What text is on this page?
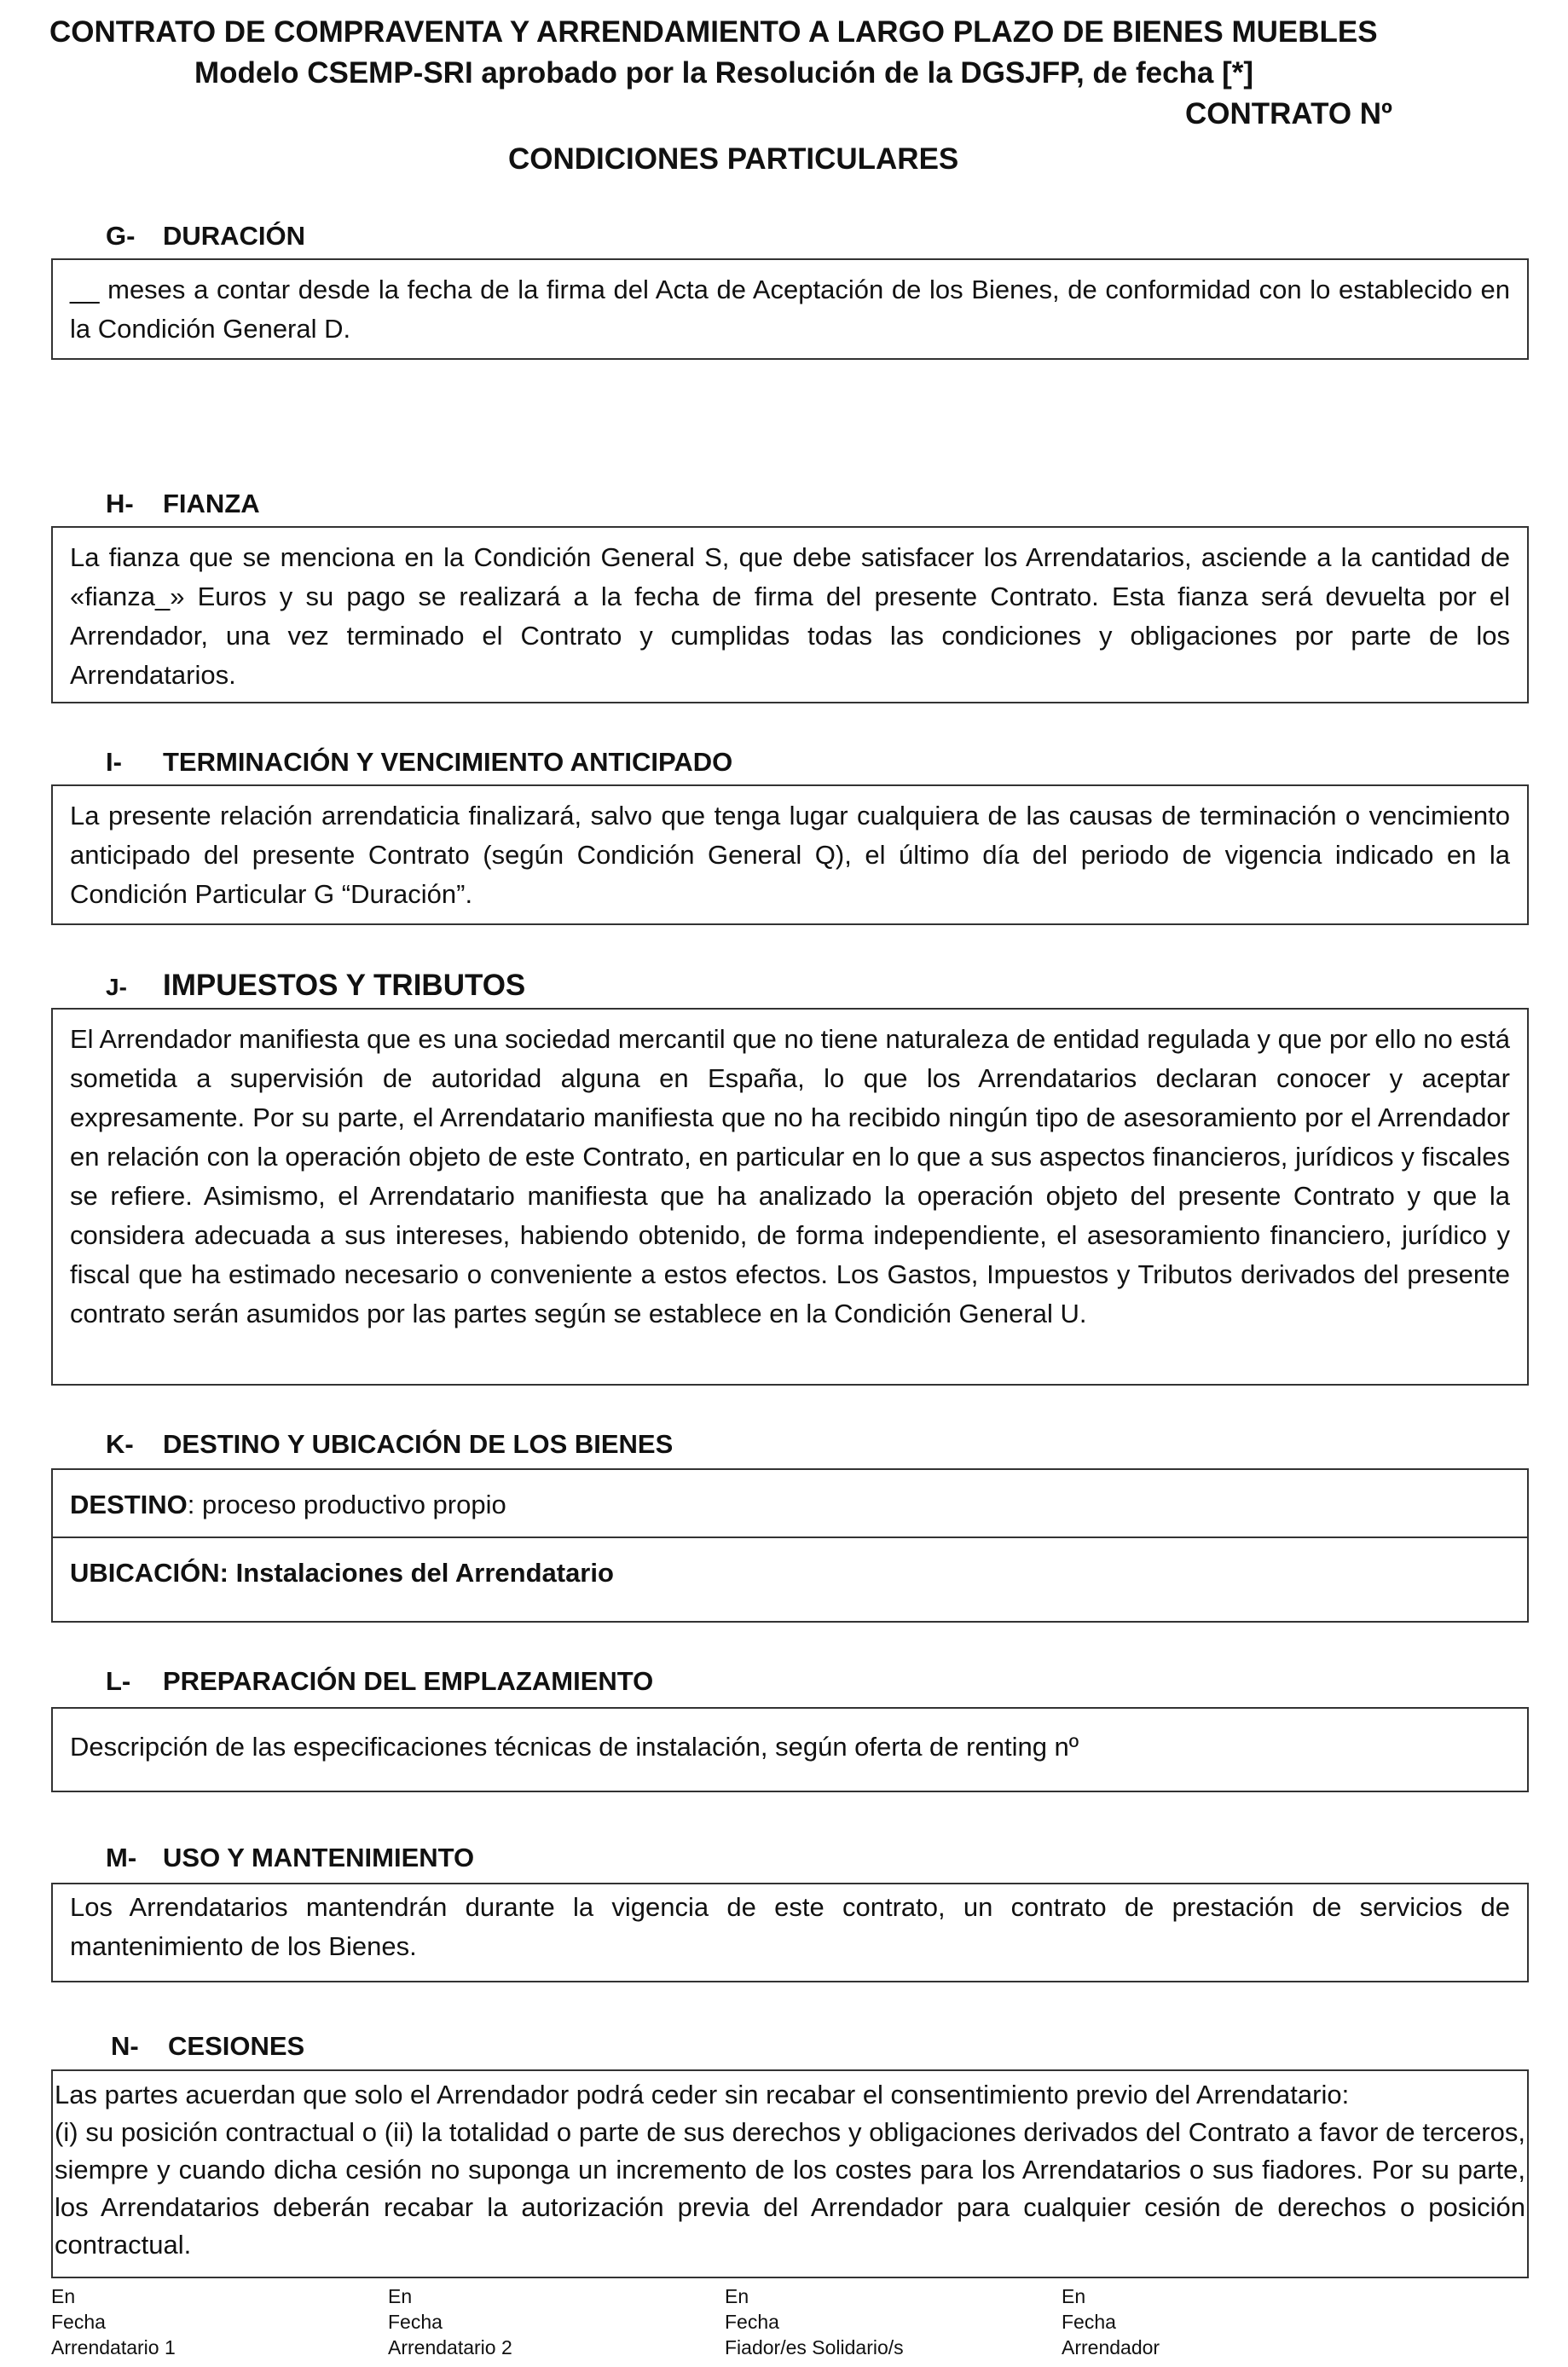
CONTRATO DE COMPRAVENTA Y ARRENDAMIENTO A LARGO PLAZO DE BIENES MUEBLES
Modelo CSEMP-SRI aprobado por la Resolución de la DGSJFP, de fecha [*]
CONTRATO Nº
CONDICIONES PARTICULARES
G- DURACIÓN

__ meses a contar desde la fecha de la firma del Acta de Aceptación de los Bienes, de conformidad con lo establecido en la Condición General D.

H- FIANZA

La fianza que se menciona en la Condición General S, que debe satisfacer los Arrendatarios, asciende a la cantidad de «fianza_» Euros y su pago se realizará a la fecha de firma del presente Contrato. Esta fianza será devuelta por el Arrendador, una vez terminado el Contrato y cumplidas todas las condiciones y obligaciones por parte de los Arrendatarios.

I- TERMINACIÓN Y VENCIMIENTO ANTICIPADO

La presente relación arrendaticia finalizará, salvo que tenga lugar cualquiera de las causas de terminación o vencimiento anticipado del presente Contrato (según Condición General Q), el último día del periodo de vigencia indicado en la Condición Particular G “Duración”.

J- IMPUESTOS Y TRIBUTOS

El Arrendador manifiesta que es una sociedad mercantil que no tiene naturaleza de entidad regulada y que por ello no está sometida a supervisión de autoridad alguna en España, lo que los Arrendatarios declaran conocer y aceptar expresamente. Por su parte, el Arrendatario manifiesta que no ha recibido ningún tipo de asesoramiento por el Arrendador en relación con la operación objeto de este Contrato, en particular en lo que a sus aspectos financieros, jurídicos y fiscales se refiere. Asimismo, el Arrendatario manifiesta que ha analizado la operación objeto del presente Contrato y que la considera adecuada a sus intereses, habiendo obtenido, de forma independiente, el asesoramiento financiero, jurídico y fiscal que ha estimado necesario o conveniente a estos efectos. Los Gastos, Impuestos y Tributos derivados del presente contrato serán asumidos por las partes según se establece en la Condición General U.

K- DESTINO Y UBICACIÓN DE LOS BIENES
DESTINO: proceso productivo propio
UBICACIÓN: Instalaciones del Arrendatario
L- PREPARACIÓN DEL EMPLAZAMIENTO

Descripción de las especificaciones técnicas de instalación, según oferta de renting nº

M- USO Y MANTENIMIENTO

Los Arrendatarios mantendrán durante la vigencia de este contrato, un contrato de prestación de servicios de mantenimiento de los Bienes.

N- CESIONES

Las partes acuerdan que solo el Arrendador podrá ceder sin recabar el consentimiento previo del Arrendatario:

(i) su posición contractual o (ii) la totalidad o parte de sus derechos y obligaciones derivados del Contrato a favor de terceros, siempre y cuando dicha cesión no suponga un incremento de los costes para los Arrendatarios o sus fiadores. Por su parte, los Arrendatarios deberán recabar la autorización previa del Arrendador para cualquier cesión de derechos o posición contractual.

En
Fecha
Arrendatario 1
En
Fecha
Arrendatario 2
En
Fecha
Fiador/es Solidario/s
En
Fecha
Arrendador
